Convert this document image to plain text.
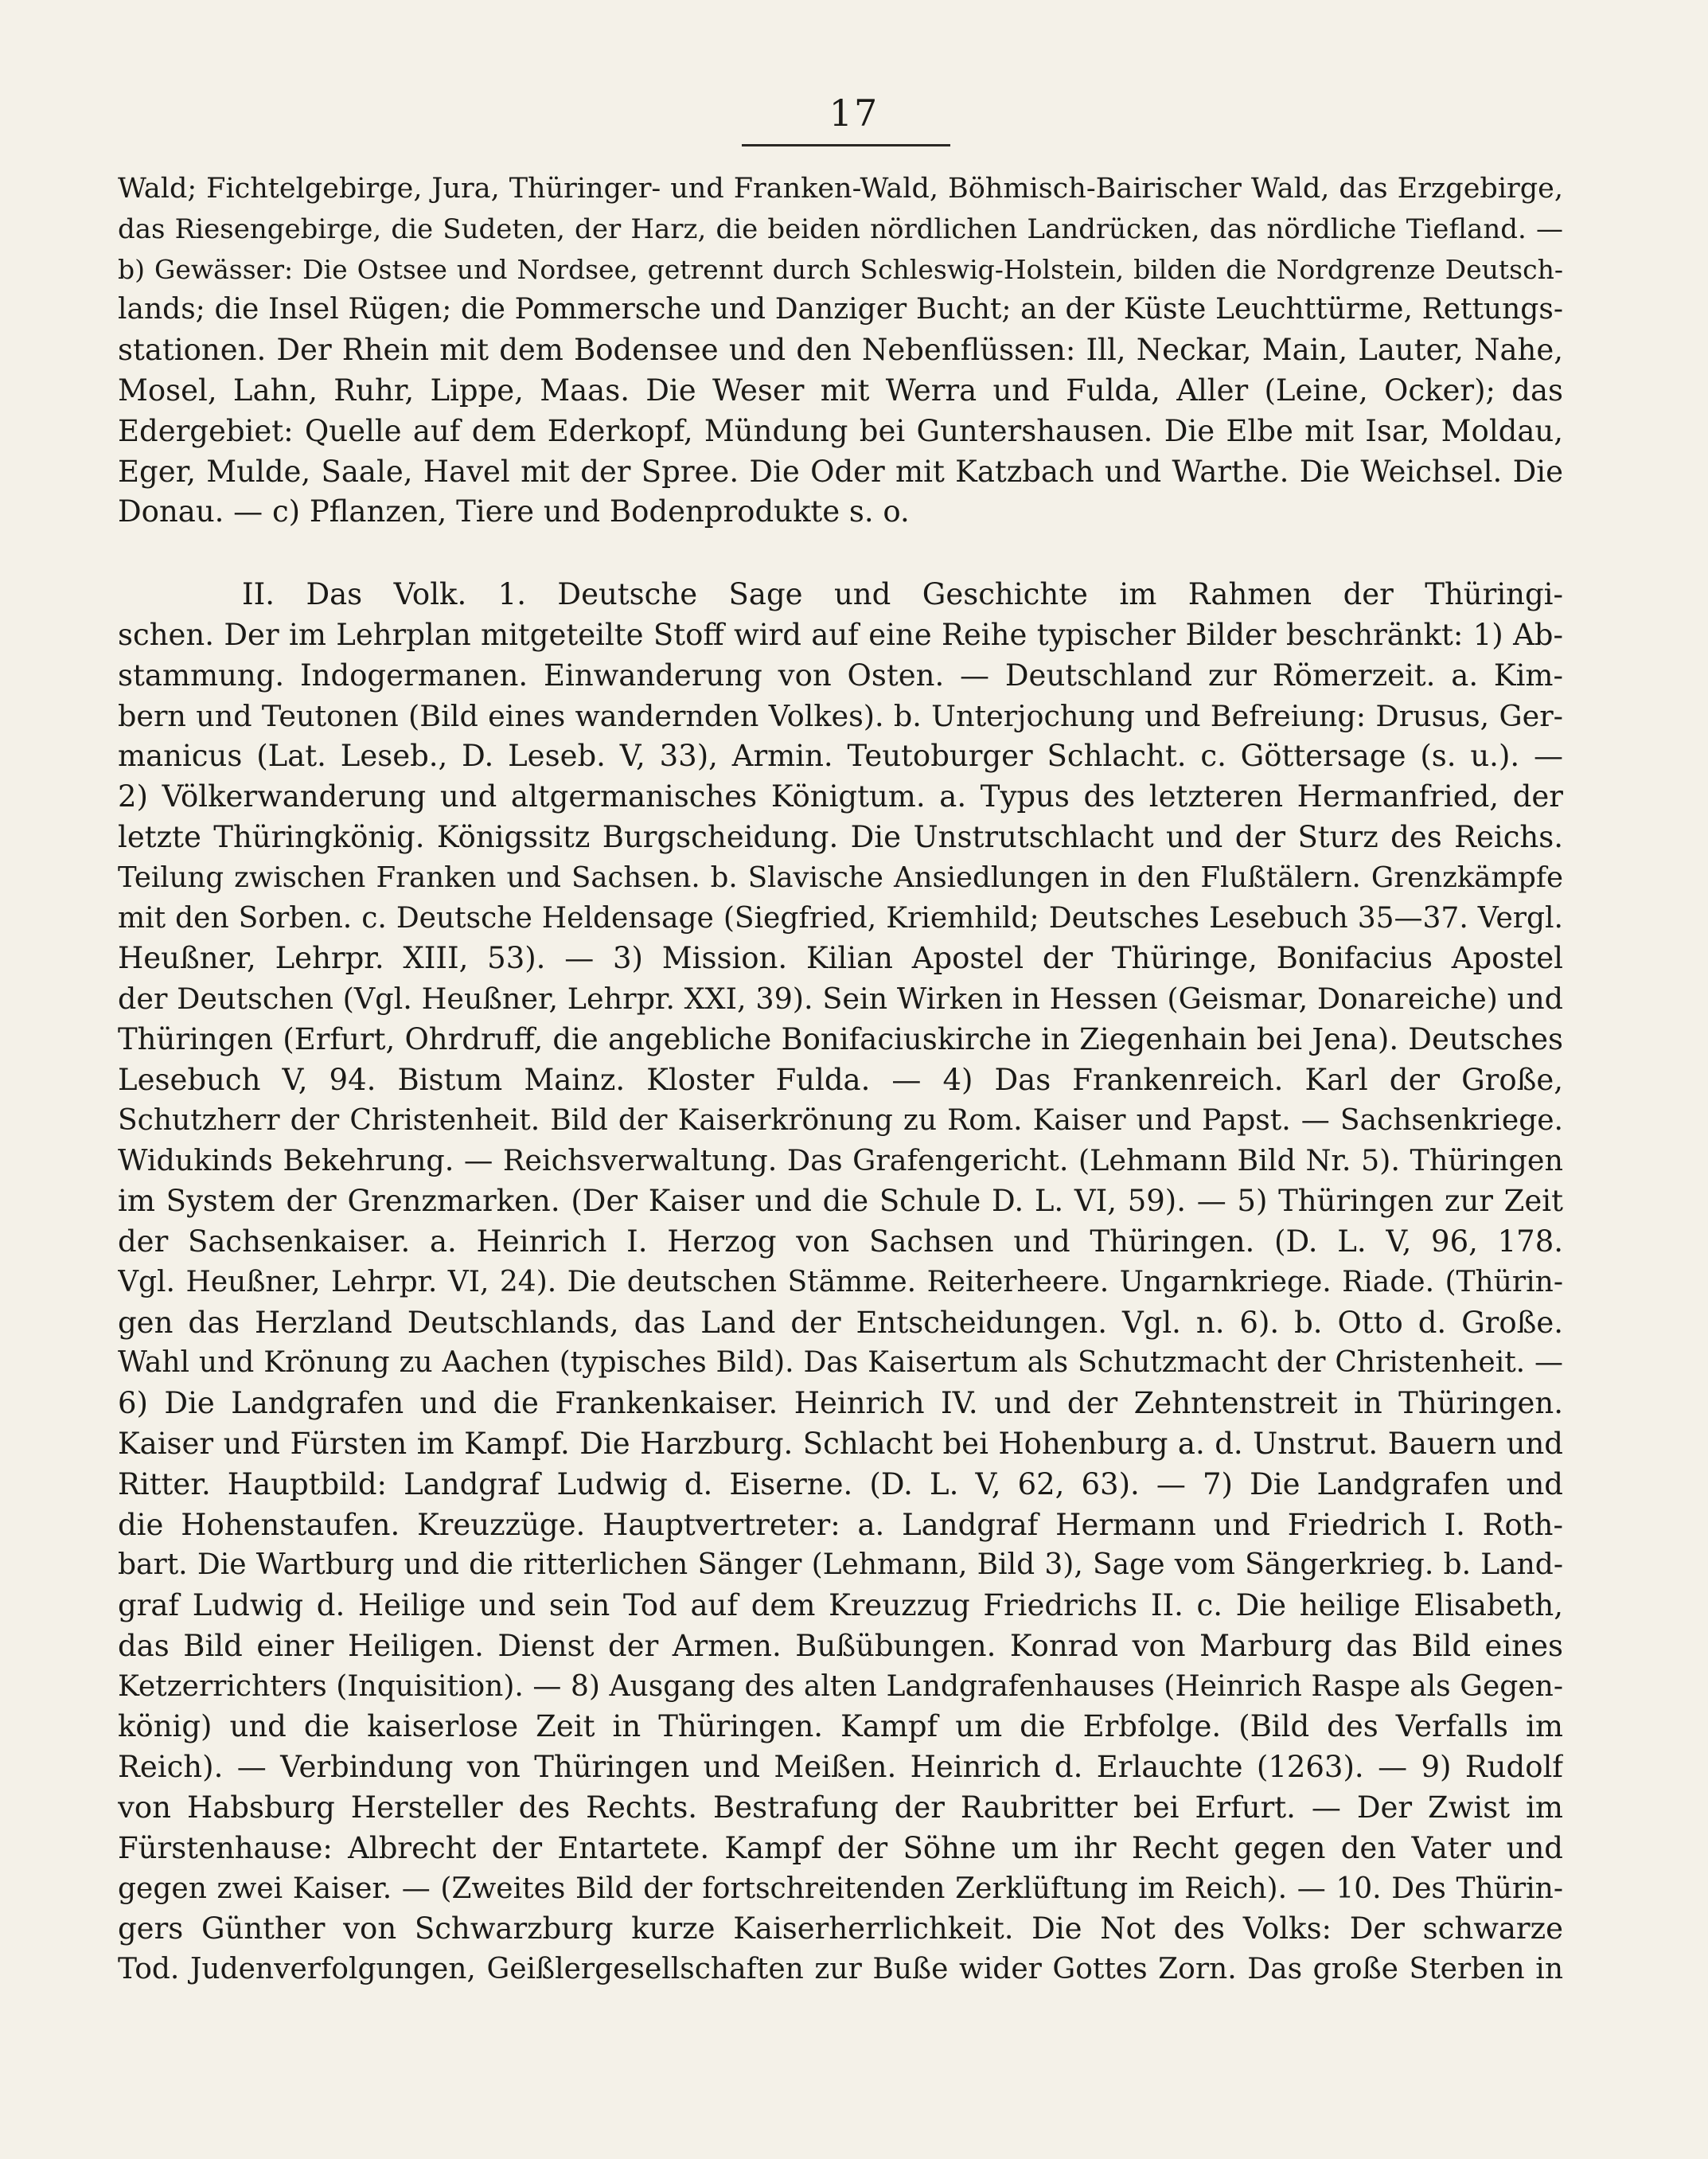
17
Wald; Fichtelgebirge, Jura, Thüringer- und Franken-Wald, Böhmisch-Bairischer Wald, das Erzgebirge,
das Riesengebirge, die Sudeten, der Harz, die beiden nördlichen Landrücken, das nördliche Tiefland. —
b) Gewässer: Die Ostsee und Nordsee, getrennt durch Schleswig-Holstein, bilden die Nordgrenze Deutsch-
lands; die Insel Rügen; die Pommersche und Danziger Bucht; an der Küste Leuchttürme, Rettungs-
stationen. Der Rhein mit dem Bodensee und den Nebenflüssen: Ill, Neckar, Main, Lauter, Nahe,
Mosel, Lahn, Ruhr, Lippe, Maas. Die Weser mit Werra und Fulda, Aller (Leine, Ocker); das
Edergebiet: Quelle auf dem Ederkopf, Mündung bei Guntershausen. Die Elbe mit Isar, Moldau,
Eger, Mulde, Saale, Havel mit der Spree. Die Oder mit Katzbach und Warthe. Die Weichsel. Die
Donau. — c) Pflanzen, Tiere und Bodenprodukte s. o.
II. Das Volk. 1. Deutsche Sage und Geschichte im Rahmen der Thüringi-
schen. Der im Lehrplan mitgeteilte Stoff wird auf eine Reihe typischer Bilder beschränkt: 1) Ab-
stammung. Indogermanen. Einwanderung von Osten. — Deutschland zur Römerzeit. a. Kim-
bern und Teutonen (Bild eines wandernden Volkes). b. Unterjochung und Befreiung: Drusus, Ger-
manicus (Lat. Leseb., D. Leseb. V, 33), Armin. Teutoburger Schlacht. c. Göttersage (s. u.). —
2) Völkerwanderung und altgermanisches Königtum. a. Typus des letzteren Hermanfried, der
letzte Thüringkönig. Königssitz Burgscheidung. Die Unstrutschlacht und der Sturz des Reichs.
Teilung zwischen Franken und Sachsen. b. Slavische Ansiedlungen in den Flußtälern. Grenzkämpfe
mit den Sorben. c. Deutsche Heldensage (Siegfried, Kriemhild; Deutsches Lesebuch 35—37. Vergl.
Heußner, Lehrpr. XIII, 53). — 3) Mission. Kilian Apostel der Thüringe, Bonifacius Apostel
der Deutschen (Vgl. Heußner, Lehrpr. XXI, 39). Sein Wirken in Hessen (Geismar, Donareiche) und
Thüringen (Erfurt, Ohrdruff, die angebliche Bonifaciuskirche in Ziegenhain bei Jena). Deutsches
Lesebuch V, 94. Bistum Mainz. Kloster Fulda. — 4) Das Frankenreich. Karl der Große,
Schutzherr der Christenheit. Bild der Kaiserkrönung zu Rom. Kaiser und Papst. — Sachsenkriege.
Widukinds Bekehrung. — Reichsverwaltung. Das Grafengericht. (Lehmann Bild Nr. 5). Thüringen
im System der Grenzmarken. (Der Kaiser und die Schule D. L. VI, 59). — 5) Thüringen zur Zeit
der Sachsenkaiser. a. Heinrich I. Herzog von Sachsen und Thüringen. (D. L. V, 96, 178.
Vgl. Heußner, Lehrpr. VI, 24). Die deutschen Stämme. Reiterheere. Ungarnkriege. Riade. (Thürin-
gen das Herzland Deutschlands, das Land der Entscheidungen. Vgl. n. 6). b. Otto d. Große.
Wahl und Krönung zu Aachen (typisches Bild). Das Kaisertum als Schutzmacht der Christenheit. —
6) Die Landgrafen und die Frankenkaiser. Heinrich IV. und der Zehntenstreit in Thüringen.
Kaiser und Fürsten im Kampf. Die Harzburg. Schlacht bei Hohenburg a. d. Unstrut. Bauern und
Ritter. Hauptbild: Landgraf Ludwig d. Eiserne. (D. L. V, 62, 63). — 7) Die Landgrafen und
die Hohenstaufen. Kreuzzüge. Hauptvertreter: a. Landgraf Hermann und Friedrich I. Roth-
bart. Die Wartburg und die ritterlichen Sänger (Lehmann, Bild 3), Sage vom Sängerkrieg. b. Land-
graf Ludwig d. Heilige und sein Tod auf dem Kreuzzug Friedrichs II. c. Die heilige Elisabeth,
das Bild einer Heiligen. Dienst der Armen. Bußübungen. Konrad von Marburg das Bild eines
Ketzerrichters (Inquisition). — 8) Ausgang des alten Landgrafenhauses (Heinrich Raspe als Gegen-
könig) und die kaiserlose Zeit in Thüringen. Kampf um die Erbfolge. (Bild des Verfalls im
Reich). — Verbindung von Thüringen und Meißen. Heinrich d. Erlauchte (1263). — 9) Rudolf
von Habsburg Hersteller des Rechts. Bestrafung der Raubritter bei Erfurt. — Der Zwist im
Fürstenhause: Albrecht der Entartete. Kampf der Söhne um ihr Recht gegen den Vater und
gegen zwei Kaiser. — (Zweites Bild der fortschreitenden Zerklüftung im Reich). — 10. Des Thürin-
gers Günther von Schwarzburg kurze Kaiserherrlichkeit. Die Not des Volks: Der schwarze
Tod. Judenverfolgungen, Geißlergesellschaften zur Buße wider Gottes Zorn. Das große Sterben in
